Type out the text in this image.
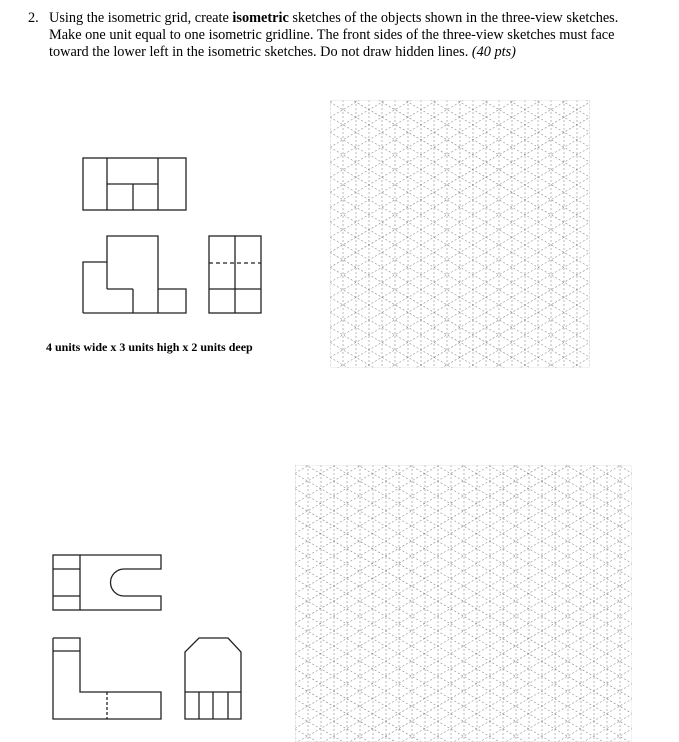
2. Using the isometric grid, create isometric sketches of the objects shown in the three-view sketches.
Make one unit equal to one isometric gridline. The front sides of the three-view sketches must face
toward the lower left in the isometric sketches. Do not draw hidden lines. (40 pts)
4 units wide x 3 units high x 2 units deep
